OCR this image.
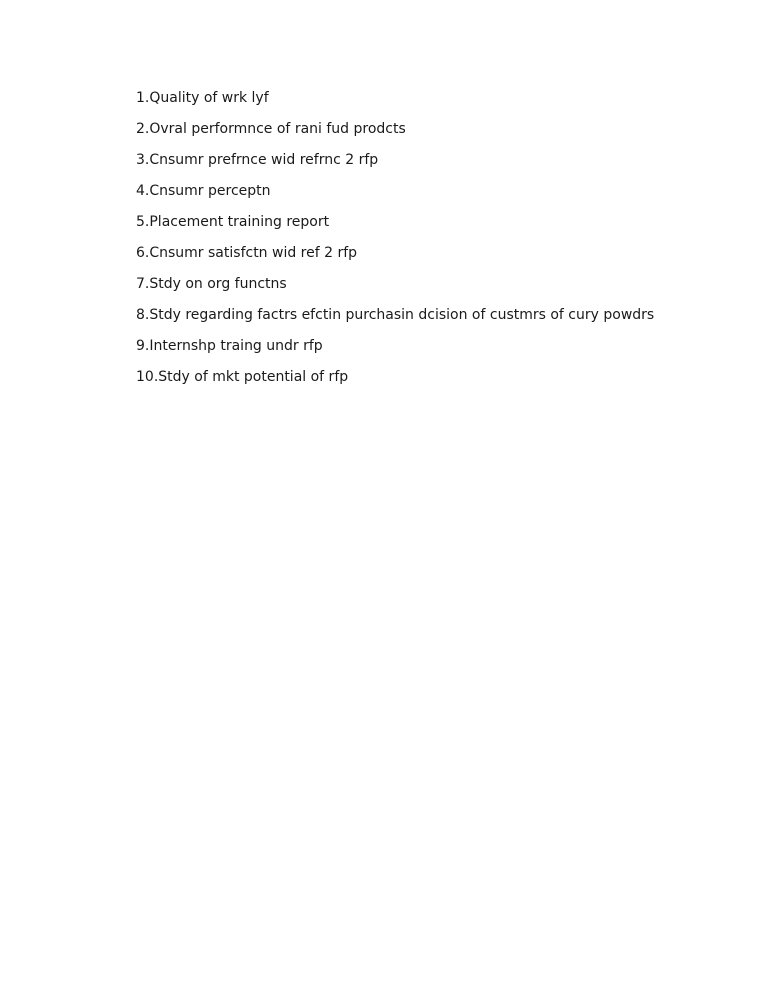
1.Quality of wrk lyf
2.Ovral performnce of rani fud prodcts
3.Cnsumr prefrnce wid refrnc 2 rfp
4.Cnsumr perceptn
5.Placement training report
6.Cnsumr satisfctn wid ref 2 rfp
7.Stdy on org functns
8.Stdy regarding factrs efctin purchasin dcision of custmrs of cury powdrs
9.Internshp traing undr rfp
10.Stdy of mkt potential of rfp
